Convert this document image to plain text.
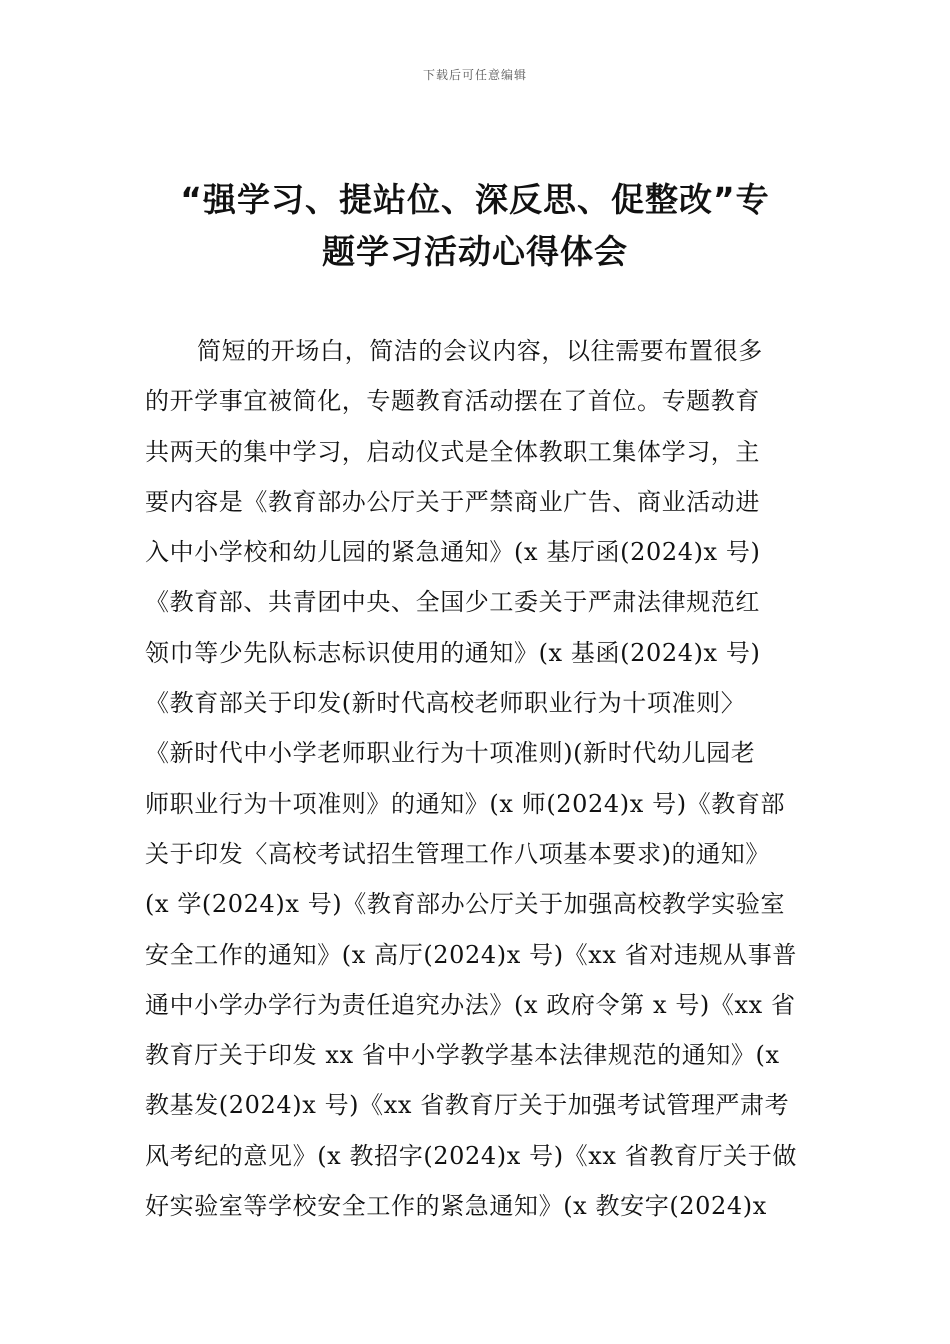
下载后可任意编辑
“强学习、提站位、深反思、促整改”专
题学习活动心得体会
简短的开场白，简洁的会议内容，以往需要布置很多
的开学事宜被简化，专题教育活动摆在了首位。专题教育
共两天的集中学习，启动仪式是全体教职工集体学习，主
要内容是《教育部办公厅关于严禁商业广告、商业活动进
入中小学校和幼儿园的紧急通知》(x 基厅函(2024)x 号)
《教育部、共青团中央、全国少工委关于严肃法律规范红
领巾等少先队标志标识使用的通知》(x 基函(2024)x 号)
《教育部关于印发(新时代高校老师职业行为十项准则〉
《新时代中小学老师职业行为十项准则)(新时代幼儿园老
师职业行为十项准则》的通知》(x 师(2024)x 号)《教育部
关于印发〈高校考试招生管理工作八项基本要求)的通知》
(x 学(2024)x 号)《教育部办公厅关于加强高校教学实验室
安全工作的通知》(x 高厅(2024)x 号)《xx 省对违规从事普
通中小学办学行为责任追究办法》(x 政府令第 x 号)《xx 省
教育厅关于印发 xx 省中小学教学基本法律规范的通知》(x
教基发(2024)x 号)《xx 省教育厅关于加强考试管理严肃考
风考纪的意见》(x 教招字(2024)x 号)《xx 省教育厅关于做
好实验室等学校安全工作的紧急通知》(x 教安字(2024)x
